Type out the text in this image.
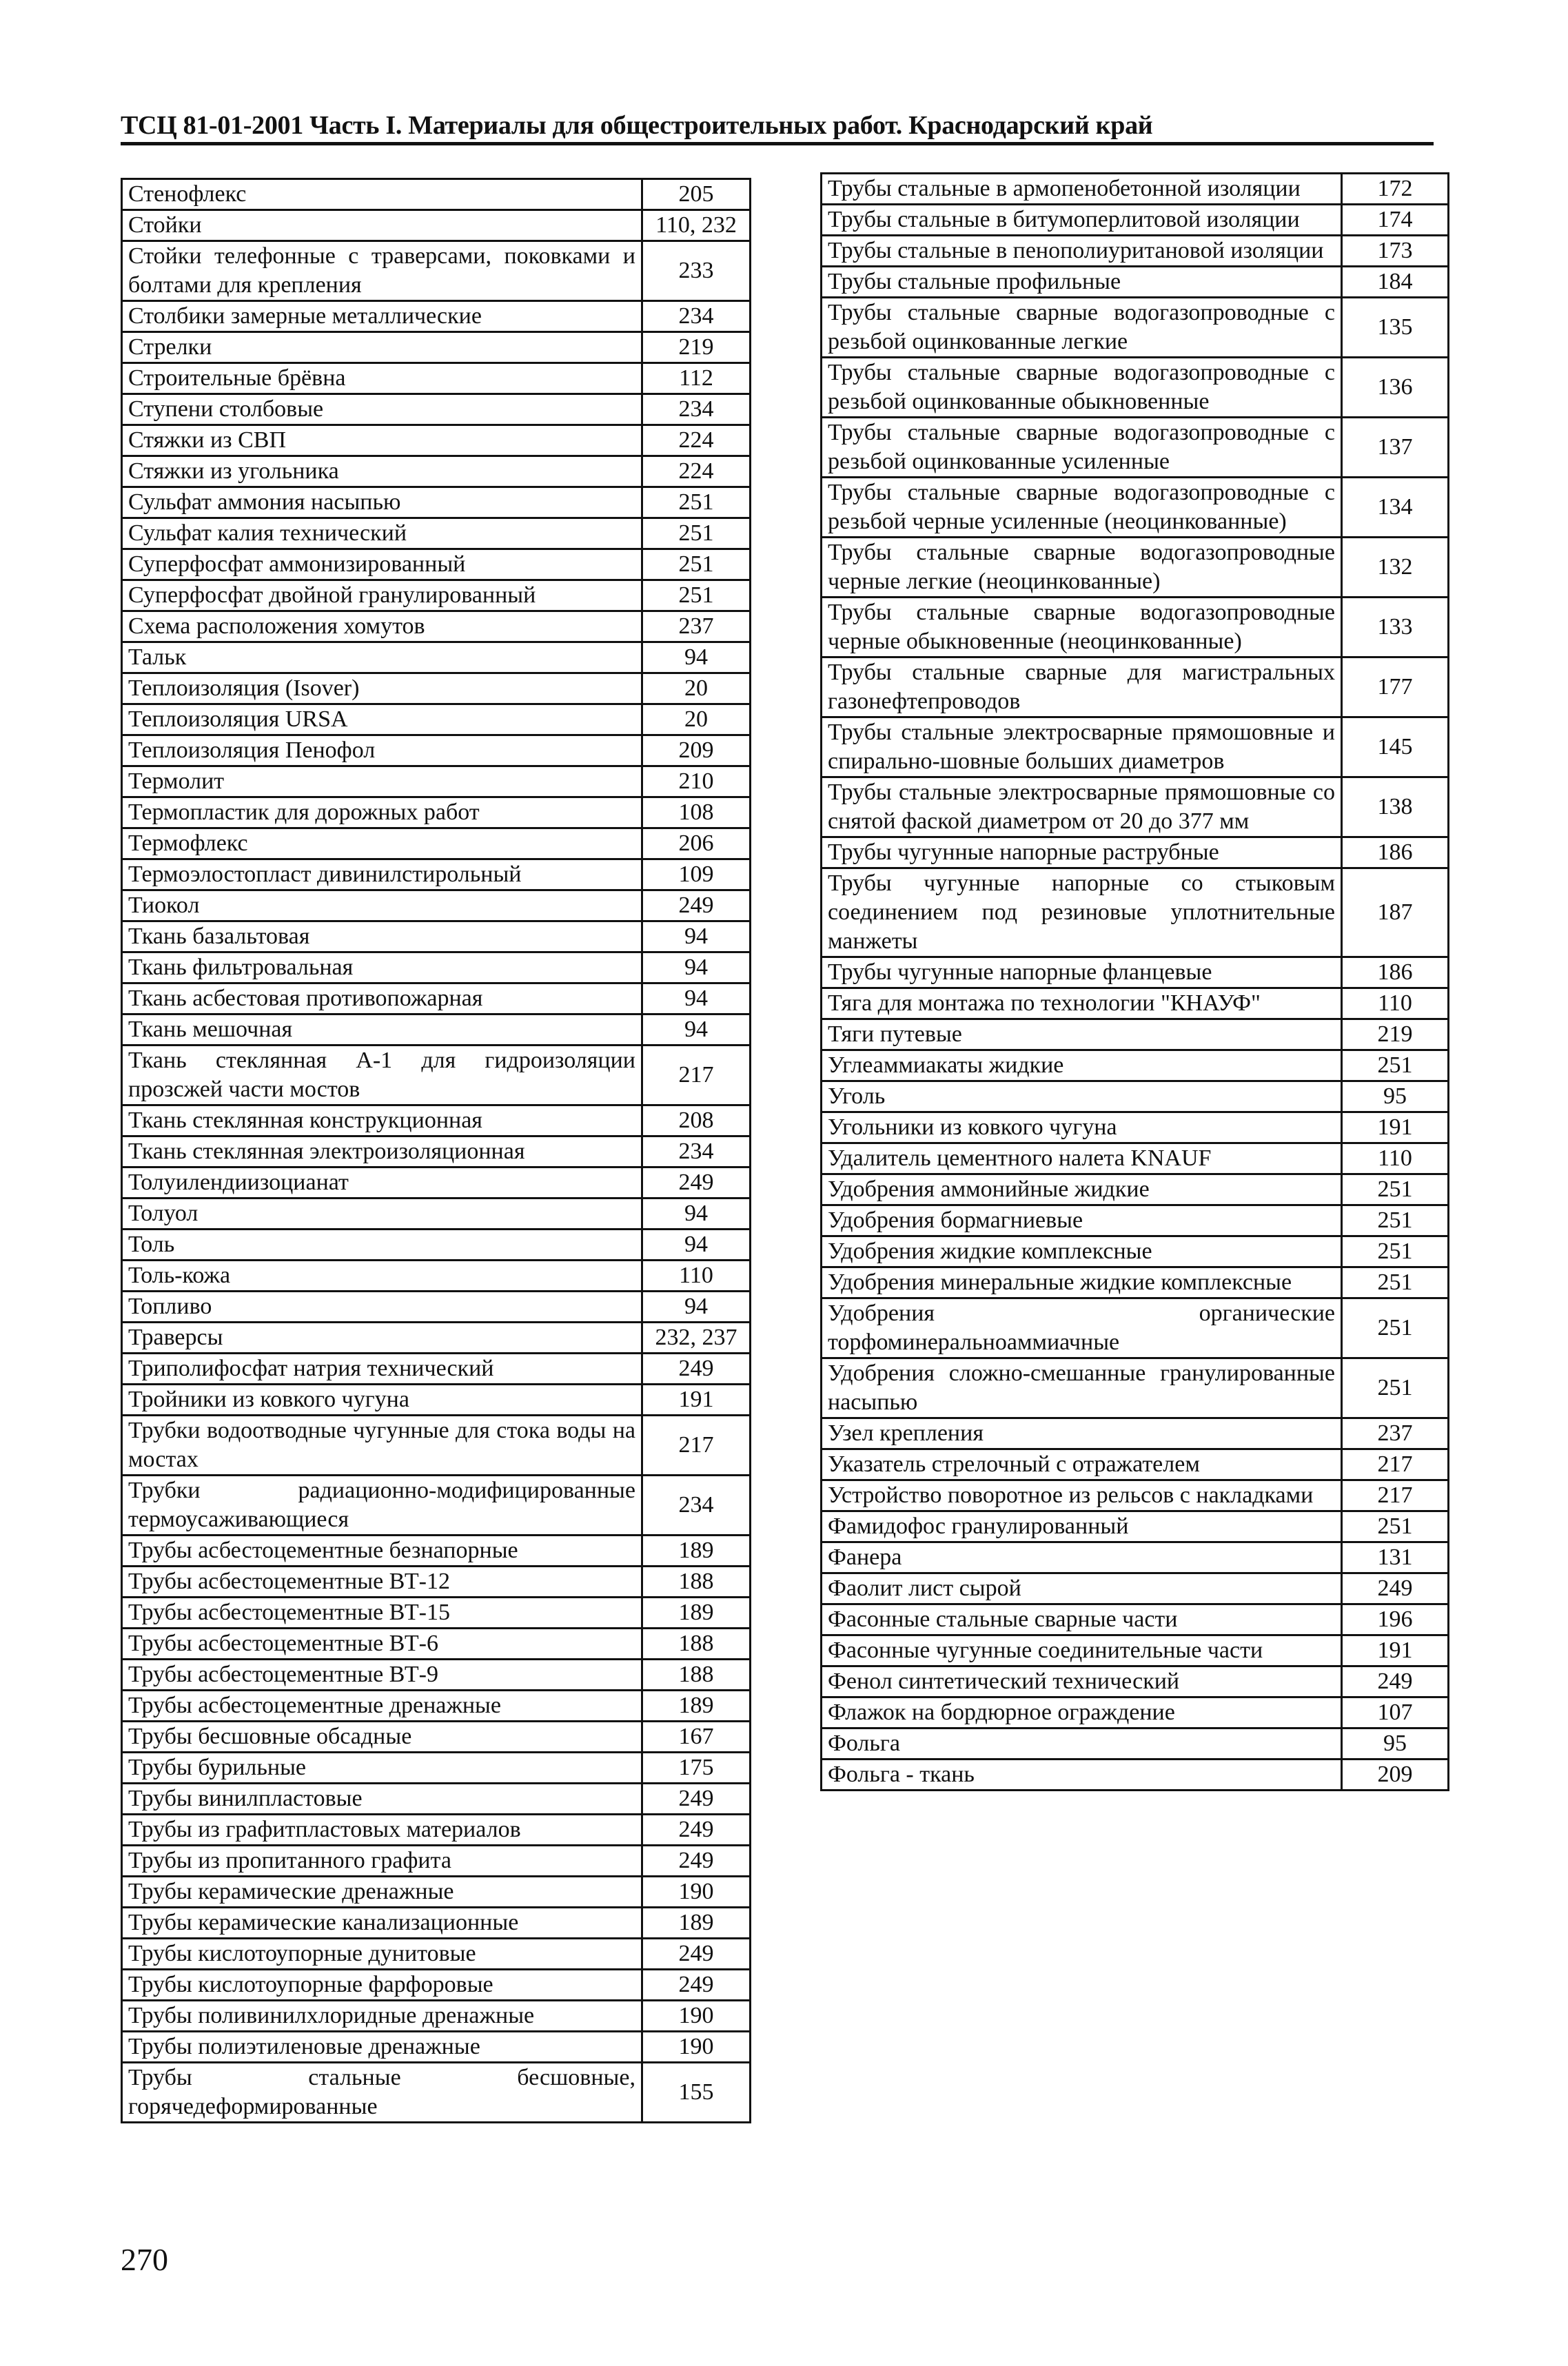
ТСЦ 81-01-2001 Часть I. Материалы для общестроительных работ. Краснодарский край
Стенофлекс	205
Стойки	110, 232
Стойки телефонные с траверсами, поковками и болтами для крепления	233
Столбики замерные металлические	234
Стрелки	219
Строительные брёвна	112
Ступени столбовые	234
Стяжки из СВП	224
Стяжки из угольника	224
Сульфат аммония насыпью	251
Сульфат калия технический	251
Суперфосфат аммонизированный	251
Суперфосфат двойной гранулированный	251
Схема расположения хомутов	237
Тальк	94
Теплоизоляция (Isover)	20
Теплоизоляция URSA	20
Теплоизоляция Пенофол	209
Термолит	210
Термопластик для дорожных работ	108
Термофлекс	206
Термоэлостопласт дивинилстирольный	109
Тиокол	249
Ткань базальтовая	94
Ткань фильтровальная	94
Ткань асбестовая противопожарная	94
Ткань мешочная	94
Ткань стеклянная А-1 для гидроизоляции прозсжей части мостов	217
Ткань стеклянная конструкционная	208
Ткань стеклянная электроизоляционная	234
Толуилендиизоцианат	249
Толуол	94
Толь	94
Толь-кожа	110
Топливо	94
Траверсы	232, 237
Триполифосфат натрия технический	249
Тройники из ковкого чугуна	191
Трубки водоотводные чугунные для стока воды на мостах	217
Трубки радиационно-модифицированные термоусаживающиеся	234
Трубы асбестоцементные безнапорные	189
Трубы асбестоцементные ВТ-12	188
Трубы асбестоцементные ВТ-15	189
Трубы асбестоцементные ВТ-6	188
Трубы асбестоцементные ВТ-9	188
Трубы асбестоцементные дренажные	189
Трубы бесшовные обсадные	167
Трубы бурильные	175
Трубы винилпластовые	249
Трубы из графитпластовых материалов	249
Трубы из пропитанного графита	249
Трубы керамические дренажные	190
Трубы керамические канализационные	189
Трубы кислотоупорные дунитовые	249
Трубы кислотоупорные фарфоровые	249
Трубы поливинилхлоридные дренажные	190
Трубы полиэтиленовые дренажные	190
Трубы стальные бесшовные, горячедеформированные	155
Трубы стальные в армопенобетонной изоляции	172
Трубы стальные в битумоперлитовой изоляции	174
Трубы стальные в пенополиуритановой изоляции	173
Трубы стальные профильные	184
Трубы стальные сварные водогазопроводные с резьбой оцинкованные легкие	135
Трубы стальные сварные водогазопроводные с резьбой оцинкованные обыкновенные	136
Трубы стальные сварные водогазопроводные с резьбой оцинкованные усиленные	137
Трубы стальные сварные водогазопроводные с резьбой черные усиленные (неоцинкованные)	134
Трубы стальные сварные водогазопроводные черные легкие (неоцинкованные)	132
Трубы стальные сварные водогазопроводные черные обыкновенные (неоцинкованные)	133
Трубы стальные сварные для магистральных газонефтепроводов	177
Трубы стальные электросварные прямошовные и спирально-шовные больших диаметров	145
Трубы стальные электросварные прямошовные со снятой фаской диаметром от 20 до 377 мм	138
Трубы чугунные напорные раструбные	186
Трубы чугунные напорные со стыковым соединением под резиновые уплотнительные манжеты	187
Трубы чугунные напорные фланцевые	186
Тяга для монтажа по технологии "КНАУФ"	110
Тяги путевые	219
Углеаммиакаты жидкие	251
Уголь	95
Угольники из ковкого чугуна	191
Удалитель цементного налета KNAUF	110
Удобрения аммонийные жидкие	251
Удобрения бормагниевые	251
Удобрения жидкие комплексные	251
Удобрения минеральные жидкие комплексные	251
Удобрения органические торфоминеральноаммиачные	251
Удобрения сложно-смешанные гранулированные насыпью	251
Узел крепления	237
Указатель стрелочный с отражателем	217
Устройство поворотное из рельсов с накладками	217
Фамидофос гранулированный	251
Фанера	131
Фаолит лист сырой	249
Фасонные стальные сварные части	196
Фасонные чугунные соединительные части	191
Фенол синтетический технический	249
Флажок на бордюрное ограждение	107
Фольга	95
Фольга - ткань	209
270
